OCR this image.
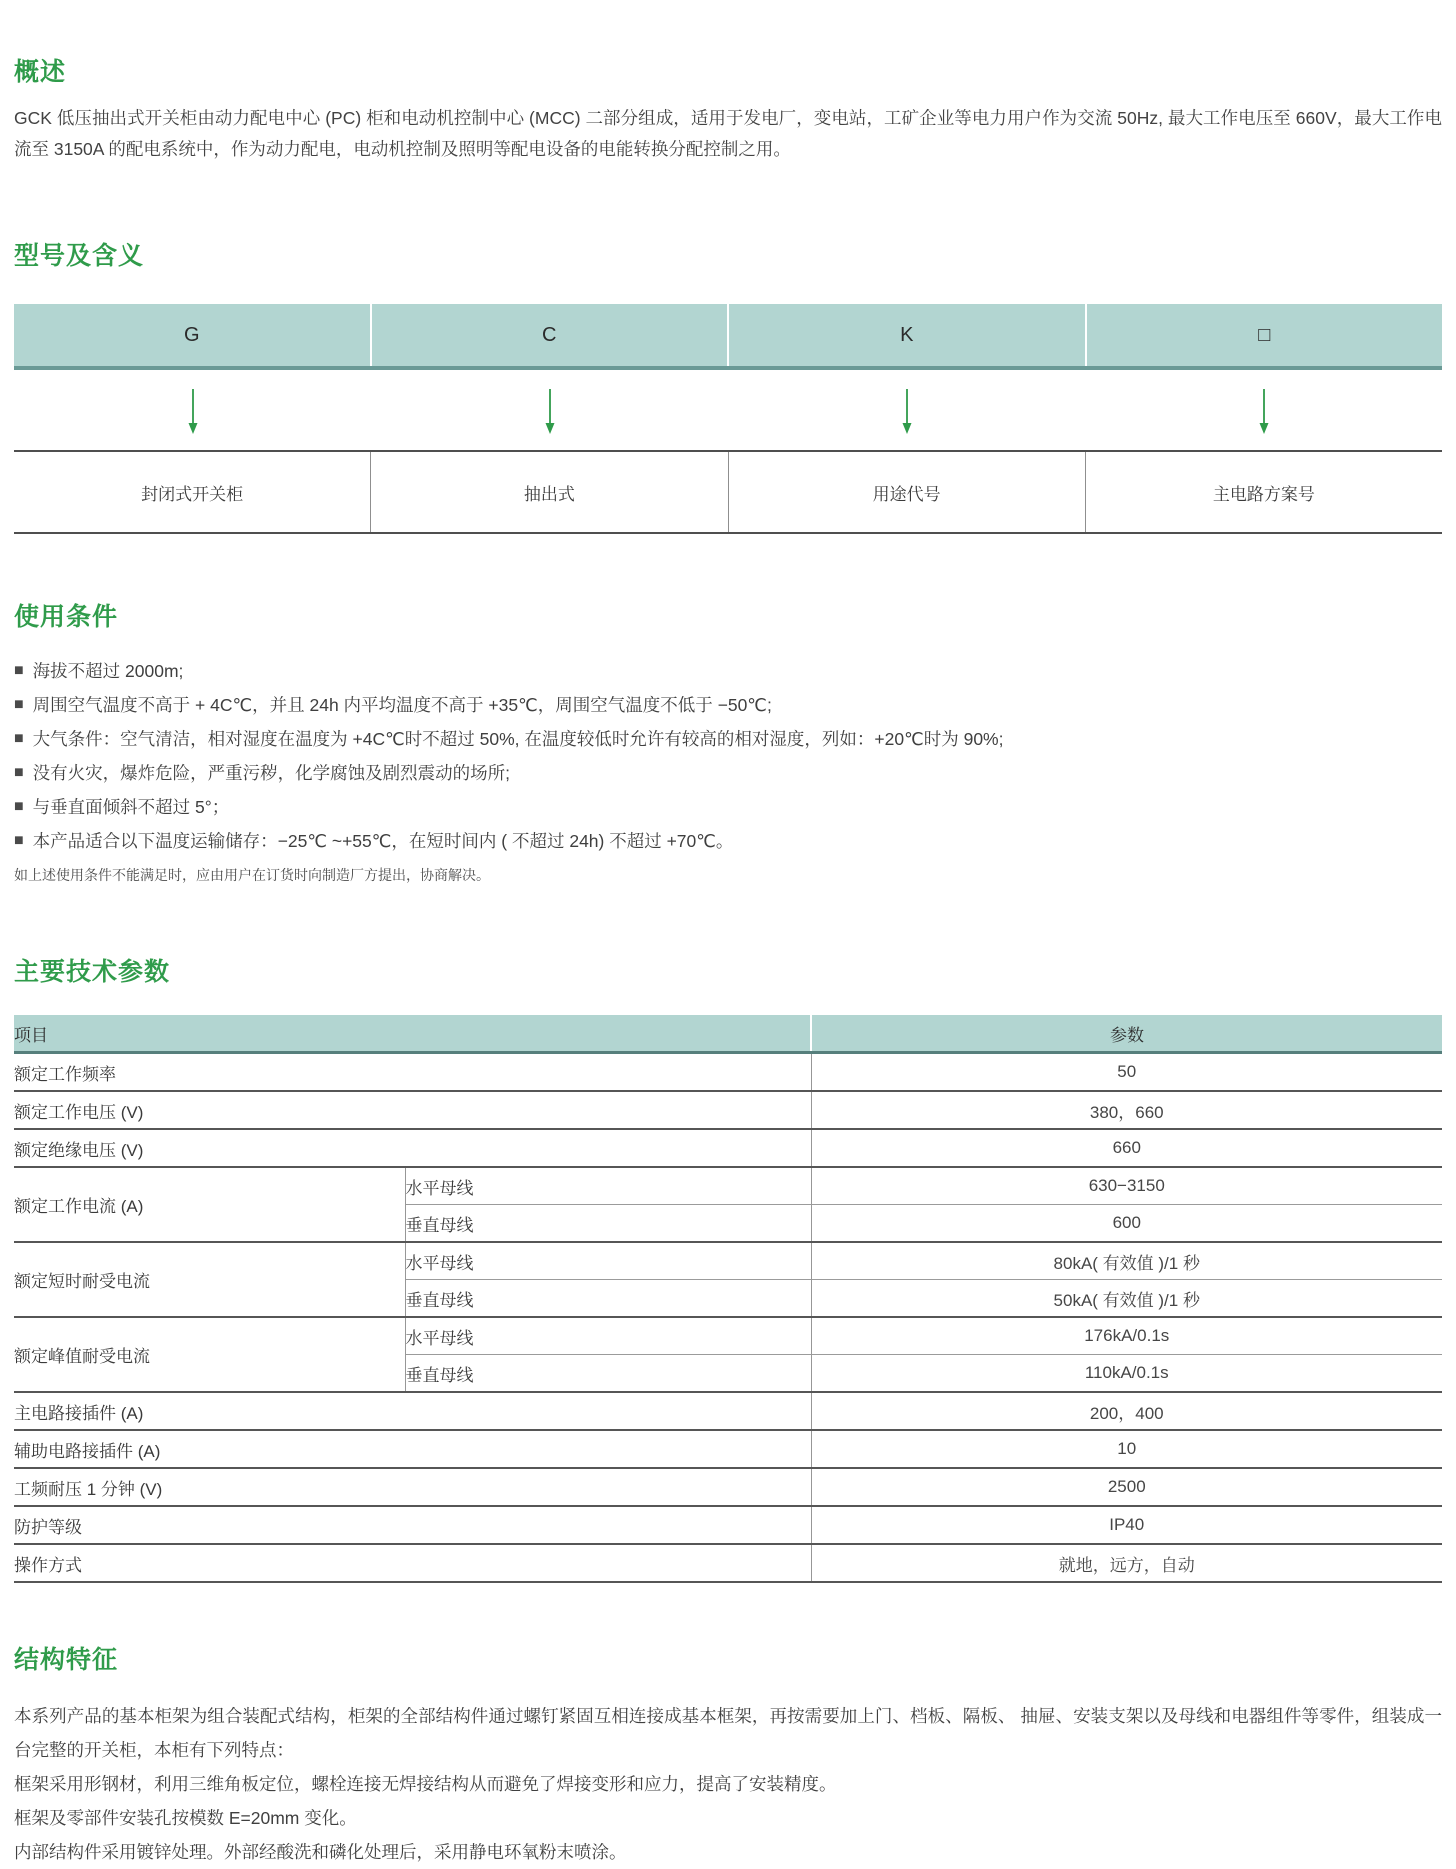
概述
GCK 低压抽出式开关柜由动力配电中心 (PC) 柜和电动机控制中心 (MCC) 二部分组成，适用于发电厂，变电站，工矿企业等电力用户作为交流 50Hz, 最大工作电压至 660V，最大工作电流至 3150A 的配电系统中，作为动力配电，电动机控制及照明等配电设备的电能转换分配控制之用。
型号及含义
G	C	K	□
封闭式开关柜	抽出式	用途代号	主电路方案号
使用条件
■ 海拔不超过 2000m;
■ 周围空气温度不高于 + 4C℃，并且 24h 内平均温度不高于 +35℃，周围空气温度不低于 −50℃;
■ 大气条件：空气清洁，相对湿度在温度为 +4C℃时不超过 50%, 在温度较低时允许有较高的相对湿度，列如：+20℃时为 90%;
■ 没有火灾，爆炸危险，严重污秽，化学腐蚀及剧烈震动的场所;
■ 与垂直面倾斜不超过 5°；
■ 本产品适合以下温度运输储存：−25℃ ~+55℃，在短时间内 ( 不超过 24h) 不超过 +70℃。
如上述使用条件不能满足时，应由用户在订货时向制造厂方提出，协商解决。
主要技术参数
项目		参数
额定工作频率		50
额定工作电压 (V)		380，660
额定绝缘电压 (V)		660
额定工作电流 (A)	水平母线	630−3150
	垂直母线	600
额定短时耐受电流	水平母线	80kA( 有效值 )/1 秒
	垂直母线	50kA( 有效值 )/1 秒
额定峰值耐受电流	水平母线	176kA/0.1s
	垂直母线	110kA/0.1s
主电路接插件 (A)		200，400
辅助电路接插件 (A)		10
工频耐压 1 分钟 (V)		2500
防护等级		IP40
操作方式		就地，远方，自动
结构特征

本系列产品的基本柜架为组合装配式结构，柜架的全部结构件通过螺钉紧固互相连接成基本框架，再按需要加上门、档板、隔板、 抽屉、安装支架以及母线和电器组件等零件，组装成一台完整的开关柜，本柜有下列特点：

框架采用形钢材，利用三维角板定位，螺栓连接无焊接结构从而避免了焊接变形和应力，提高了安装精度。

框架及零部件安装孔按模数 E=20mm 变化。

内部结构件采用镀锌处理。外部经酸洗和磷化处理后，采用静电环氧粉末喷涂。
